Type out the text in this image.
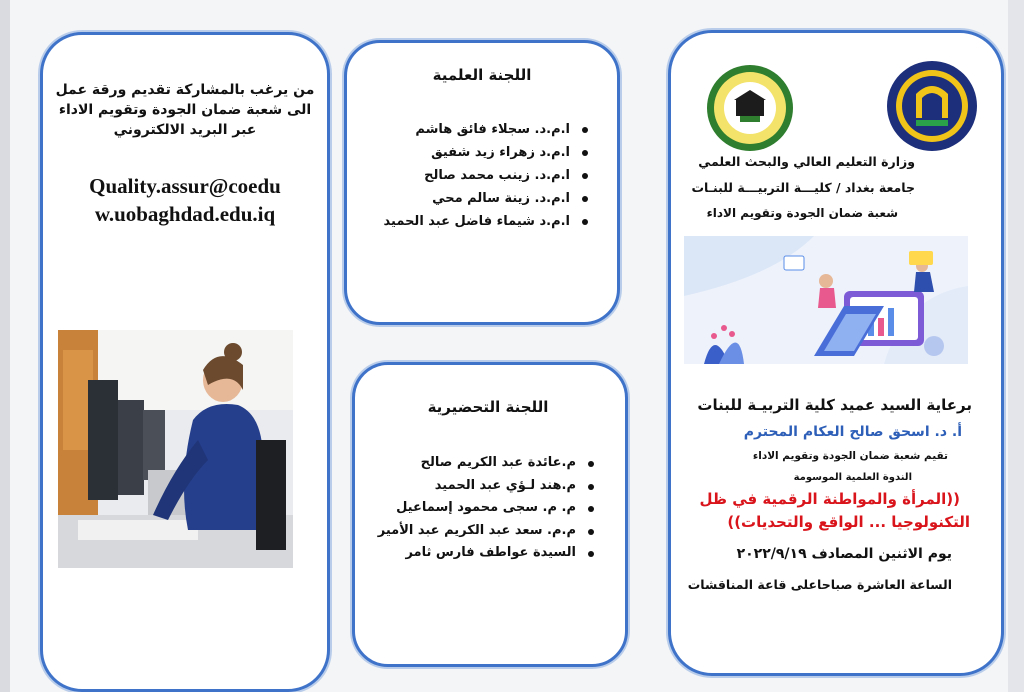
من يرغب بالمشاركة تقديم ورقة عمل
الى شعبة ضمان الجودة وتقويم الاداء
عبر البريد الالكتروني
Quality.assur@coedu
w.uobaghdad.edu.iq
اللجنة العلمية
ا.م.د. سجلاء فائق هاشم
ا.م.د زهراء زيد شفيق
ا.م.د. زينب محمد صالح
ا.م.د. زينة سالم محي
ا.م.د شيماء فاضل عبد الحميد
اللجنة التحضيرية
م.عائدة عبد الكريم صالح
م.هند لـؤي عبد الحميد
م. م. سجى محمود إسماعيل
م.م. سعد عبد الكريم عبد الأمير
السيدة عواطف فارس ثامر
وزارة التعليم العالي والبحث العلمي
جامعة بغداد / كليـــة التربيـــة للبنـات
شعبة ضمان الجودة وتقويم الاداء
برعاية السيد عميد كلية التربيـة للبنات
أ. د. اسحق صالح العكام المحترم
تقيم شعبة ضمان الجودة وتقويم الاداء
الندوة العلمية الموسومة
((المرأة والمواطنة الرقمية في ظل
التكنولوجيا ... الواقع والتحديات))
يوم الاثنين المصادف ٢٠٢٢/٩/١٩
الساعة العاشرة صباحاعلى قاعة المناقشات
